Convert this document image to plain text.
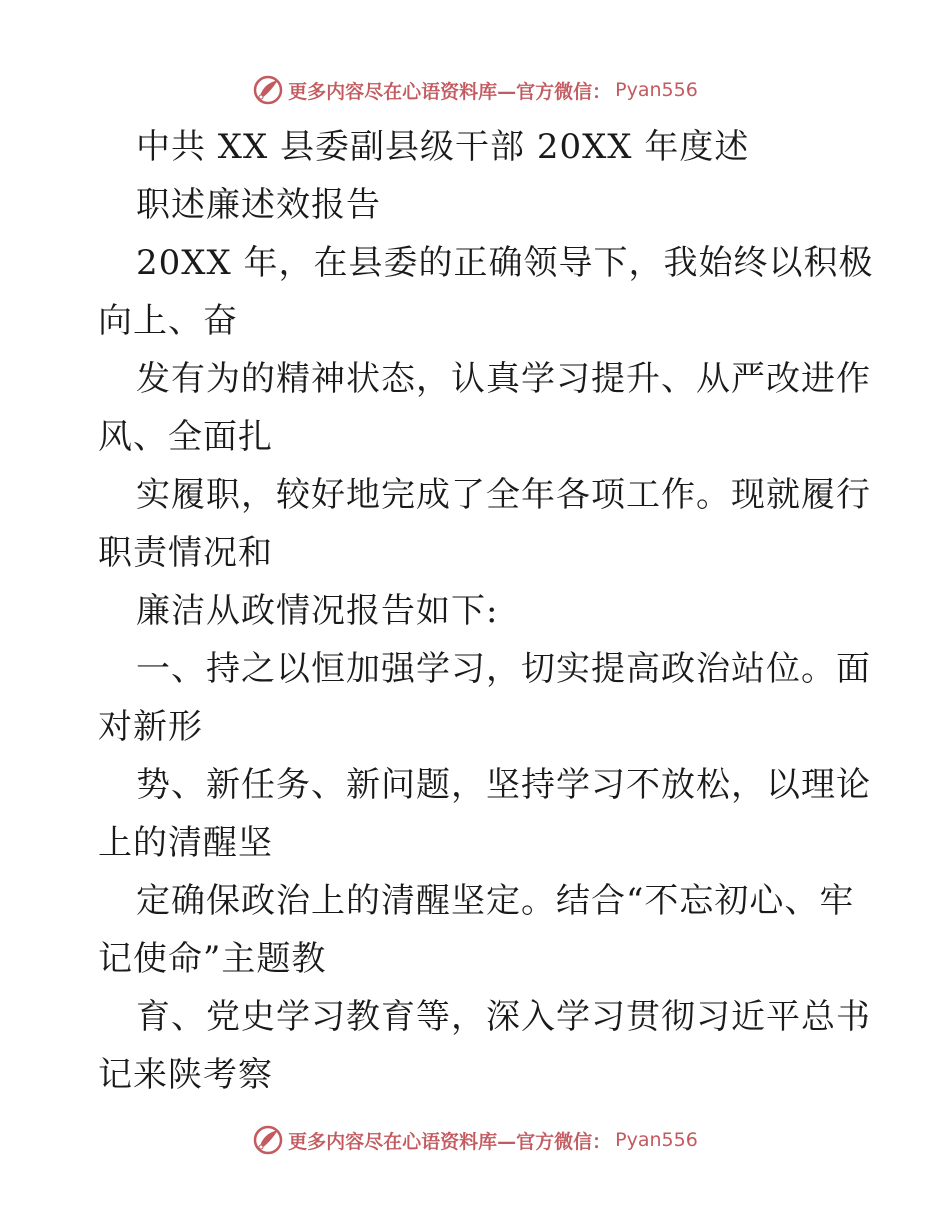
更多内容尽在心语资料库—官方微信： Pyan556
中共 XX 县委副县级干部 20XX 年度述
职述廉述效报告
20XX 年，在县委的正确领导下，我始终以积极
向上、奋
发有为的精神状态，认真学习提升、从严改进作
风、全面扎
实履职，较好地完成了全年各项工作。现就履行
职责情况和
廉洁从政情况报告如下:
一、持之以恒加强学习，切实提高政治站位。面
对新形
势、新任务、新问题，坚持学习不放松，以理论
上的清醒坚
定确保政治上的清醒坚定。结合“不忘初心、牢
记使命”主题教
育、党史学习教育等，深入学习贯彻习近平总书
记来陕考察
更多内容尽在心语资料库—官方微信： Pyan556
